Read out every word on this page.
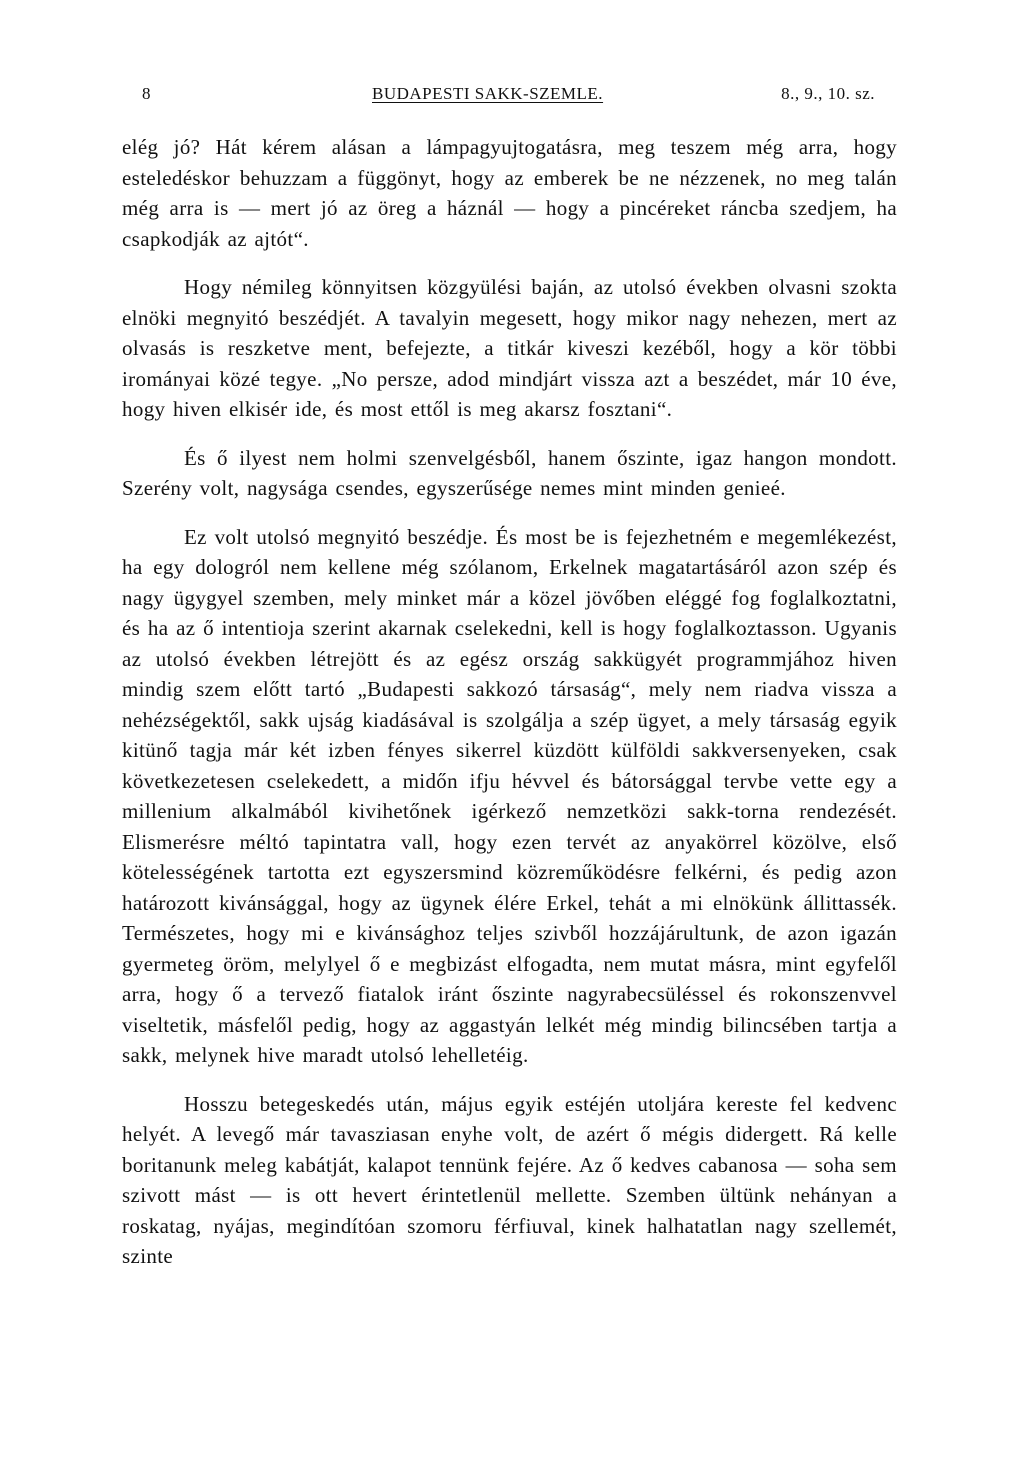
8	BUDAPESTI SAKK-SZEMLE.	8., 9., 10. sz.

elég jó? Hát kérem alásan a lámpagyujtogatásra, meg teszem még arra, hogy esteledéskor behuzzam a függönyt, hogy az emberek be ne nézzenek, no meg talán még arra is — mert jó az öreg a háznál — hogy a pincéreket ráncba szedjem, ha csapkodják az ajtót“.

Hogy némileg könnyitsen közgyülési baján, az utolsó években olvasni szokta elnöki megnyitó beszédjét. A tavalyin megesett, hogy mikor nagy nehezen, mert az olvasás is reszketve ment, befejezte, a titkár kiveszi kezéből, hogy a kör többi irományai közé tegye. „No persze, adod mindjárt vissza azt a beszédet, már 10 éve, hogy hiven elkisér ide, és most ettől is meg akarsz fosztani“.

És ő ilyest nem holmi szenvelgésből, hanem őszinte, igaz hangon mondott. Szerény volt, nagysága csendes, egyszerűsége nemes mint minden genieé.

Ez volt utolsó megnyitó beszédje. És most be is fejezhetném e megemlékezést, ha egy dologról nem kellene még szólanom, Erkelnek magatartásáról azon szép és nagy ügygyel szemben, mely minket már a közel jövőben eléggé fog foglalkoztatni, és ha az ő intentioja szerint akarnak cselekedni, kell is hogy foglalkoztasson. Ugyanis az utolsó években létrejött és az egész ország sakkügyét programmjához hiven mindig szem előtt tartó „Budapesti sakkozó társaság“, mely nem riadva vissza a nehézségektől, sakk ujság kiadásával is szolgálja a szép ügyet, a mely társaság egyik kitünő tagja már két izben fényes sikerrel küzdött külföldi sakkversenyeken, csak következetesen cselekedett, a midőn ifju hévvel és bátorsággal tervbe vette egy a millenium alkalmából kivihetőnek igérkező nemzetközi sakk-torna rendezését. Elismerésre méltó tapintatra vall, hogy ezen tervét az anyakörrel közölve, első kötelességének tartotta ezt egyszersmind közreműködésre felkérni, és pedig azon határozott kivánsággal, hogy az ügynek élére Erkel, tehát a mi elnökünk állittassék. Természetes, hogy mi e kivánsághoz teljes szivből hozzájárultunk, de azon igazán gyermeteg öröm, melylyel ő e megbizást elfogadta, nem mutat másra, mint egyfelől arra, hogy ő a tervező fiatalok iránt őszinte nagyrabecsüléssel és rokonszenvvel viseltetik, másfelől pedig, hogy az aggastyán lelkét még mindig bilincsében tartja a sakk, melynek hive maradt utolsó lehelletéig.

Hosszu betegeskedés után, május egyik estéjén utoljára kereste fel kedvenc helyét. A levegő már tavasziasan enyhe volt, de azért ő mégis didergett. Rá kelle boritanunk meleg kabátját, kalapot tennünk fejére. Az ő kedves cabanosa — soha sem szivott mást — is ott hevert érintetlenül mellette. Szemben ültünk nehányan a roskatag, nyájas, megindítóan szomoru férfiuval, kinek halhatatlan nagy szellemét, szinte
